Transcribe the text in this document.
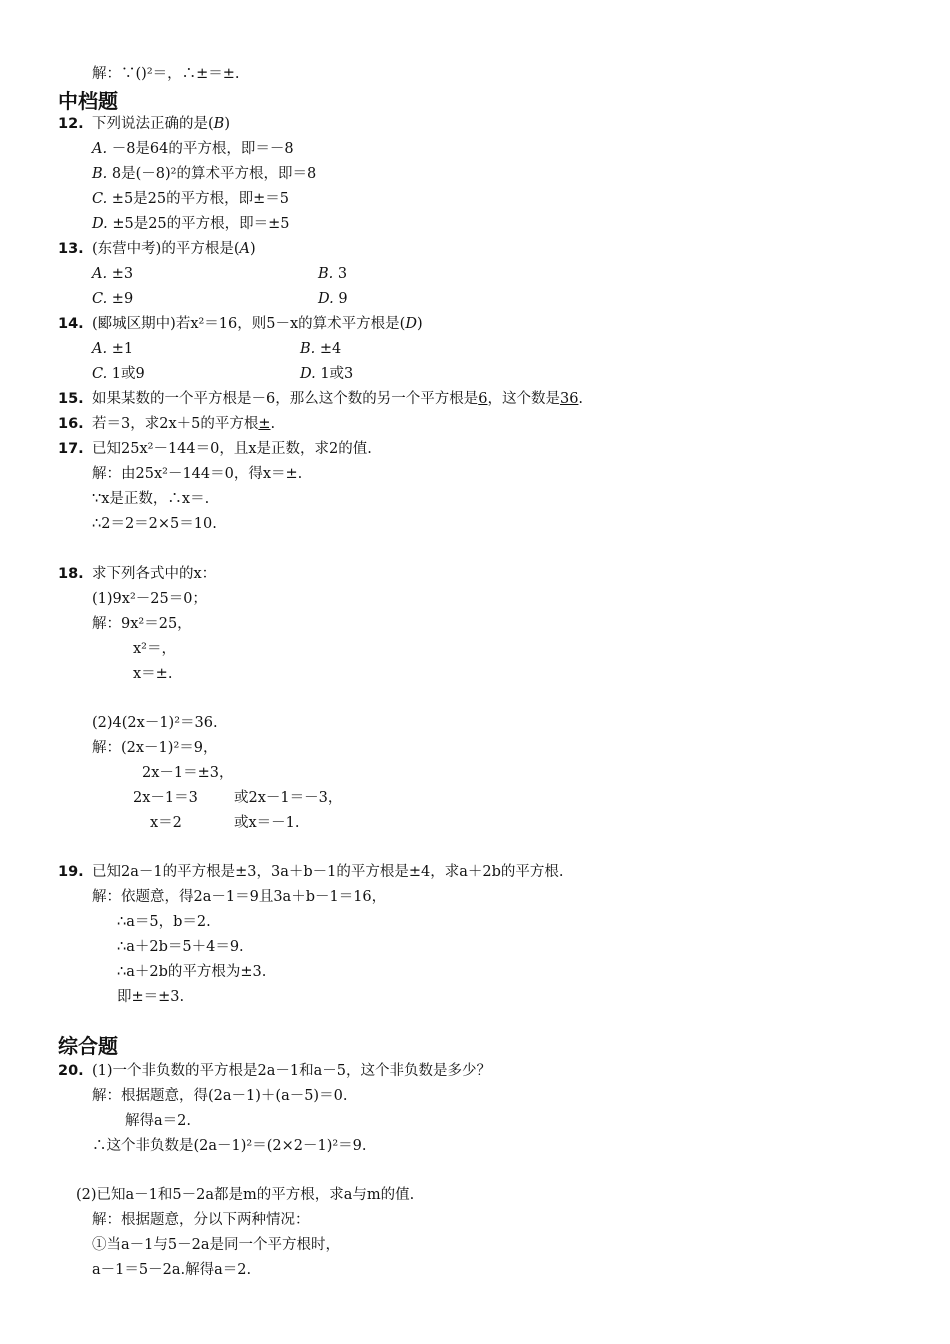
解：∵()²＝，∴±＝±.
中档题
12. 下列说法正确的是(B)
A. －8是64的平方根，即＝－8
B. 8是(－8)²的算术平方根，即＝8
C. ±5是25的平方根，即±＝5
D. ±5是25的平方根，即＝±5
13. (东营中考)的平方根是(A)
A. ±3	B. 3
C. ±9	D. 9
14. (郾城区期中)若x²＝16，则5－x的算术平方根是(D)
A. ±1	B. ±4
C. 1或9	D. 1或3
15. 如果某数的一个平方根是－6，那么这个数的另一个平方根是6，这个数是36.
16. 若＝3，求2x＋5的平方根±.
17. 已知25x²－144＝0，且x是正数，求2的值.
解：由25x²－144＝0，得x＝±.
∵x是正数，∴x＝.
∴2＝2＝2×5＝10.
18. 求下列各式中的x：
(1)9x²－25＝0；
解：9x²＝25，
x²＝，
x＝±.
(2)4(2x－1)²＝36.
解：(2x－1)²＝9，
2x－1＝±3，
2x－1＝3 或2x－1＝－3，
x＝2	或x＝－1.
19. 已知2a－1的平方根是±3，3a＋b－1的平方根是±4，求a＋2b的平方根.
解：依题意，得2a－1＝9且3a＋b－1＝16，
∴a＝5，b＝2.
∴a＋2b＝5＋4＝9.
∴a＋2b的平方根为±3.
即±＝±3.
综合题
20. (1)一个非负数的平方根是2a－1和a－5，这个非负数是多少？
解：根据题意，得(2a－1)＋(a－5)＝0.
解得a＝2.
∴这个非负数是(2a－1)²＝(2×2－1)²＝9.
(2)已知a－1和5－2a都是m的平方根，求a与m的值.
解：根据题意，分以下两种情况：
①当a－1与5－2a是同一个平方根时，
a－1＝5－2a.解得a＝2.
